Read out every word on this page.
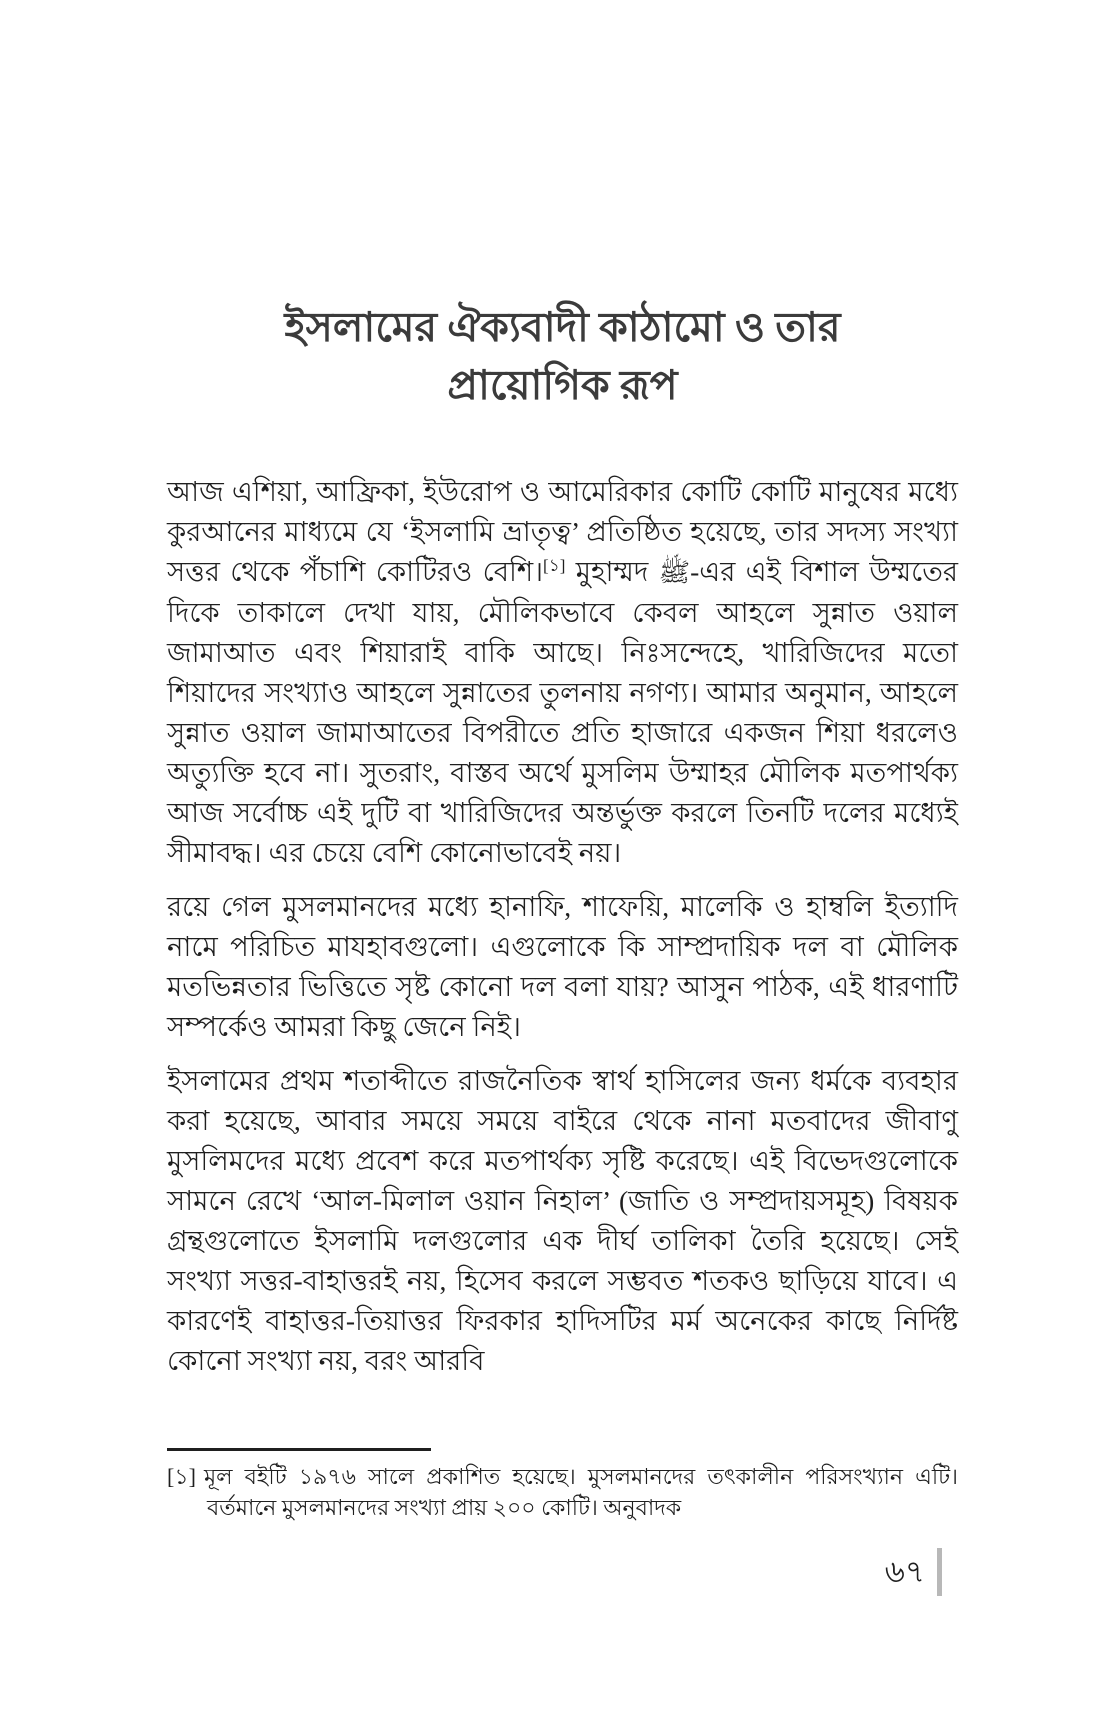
ইসলামের ঐক্যবাদী কাঠামো ও তার
প্রায়োগিক রূপ

আজ এশিয়া, আফ্রিকা, ইউরোপ ও আমেরিকার কোটি কোটি মানুষের মধ্যে কুরআনের মাধ্যমে যে ‘ইসলামি ভ্রাতৃত্ব’ প্রতিষ্ঠিত হয়েছে, তার সদস্য সংখ্যা সত্তর থেকে পঁচাশি কোটিরও বেশি।[১] মুহাম্মদ ﷺ-এর এই বিশাল উম্মতের দিকে তাকালে দেখা যায়, মৌলিকভাবে কেবল আহলে সুন্নাত ওয়াল জামাআত এবং শিয়ারাই বাকি আছে। নিঃসন্দেহে, খারিজিদের মতো শিয়াদের সংখ্যাও আহলে সুন্নাতের তুলনায় নগণ্য। আমার অনুমান, আহলে সুন্নাত ওয়াল জামাআতের বিপরীতে প্রতি হাজারে একজন শিয়া ধরলেও অত্যুক্তি হবে না। সুতরাং, বাস্তব অর্থে মুসলিম উম্মাহর মৌলিক মতপার্থক্য আজ সর্বোচ্চ এই দুটি বা খারিজিদের অন্তর্ভুক্ত করলে তিনটি দলের মধ্যেই সীমাবদ্ধ। এর চেয়ে বেশি কোনোভাবেই নয়।

রয়ে গেল মুসলমানদের মধ্যে হানাফি, শাফেয়ি, মালেকি ও হাম্বলি ইত্যাদি নামে পরিচিত মাযহাবগুলো। এগুলোকে কি সাম্প্রদায়িক দল বা মৌলিক মতভিন্নতার ভিত্তিতে সৃষ্ট কোনো দল বলা যায়? আসুন পাঠক, এই ধারণাটি সম্পর্কেও আমরা কিছু জেনে নিই।

ইসলামের প্রথম শতাব্দীতে রাজনৈতিক স্বার্থ হাসিলের জন্য ধর্মকে ব্যবহার করা হয়েছে, আবার সময়ে সময়ে বাইরে থেকে নানা মতবাদের জীবাণু মুসলিমদের মধ্যে প্রবেশ করে মতপার্থক্য সৃষ্টি করেছে। এই বিভেদগুলোকে সামনে রেখে ‘আল-মিলাল ওয়ান নিহাল’ (জাতি ও সম্প্রদায়সমূহ) বিষয়ক গ্রন্থগুলোতে ইসলামি দলগুলোর এক দীর্ঘ তালিকা তৈরি হয়েছে। সেই সংখ্যা সত্তর-বাহাত্তরই নয়, হিসেব করলে সম্ভবত শতকও ছাড়িয়ে যাবে। এ কারণেই বাহাত্তর-তিয়াত্তর ফিরকার হাদিসটির মর্ম অনেকের কাছে নির্দিষ্ট কোনো সংখ্যা নয়, বরং আরবি

[১] মূল বইটি ১৯৭৬ সালে প্রকাশিত হয়েছে। মুসলমানদের তৎকালীন পরিসংখ্যান এটি। বর্তমানে মুসলমানদের সংখ্যা প্রায় ২০০ কোটি। অনুবাদক

৬৭
